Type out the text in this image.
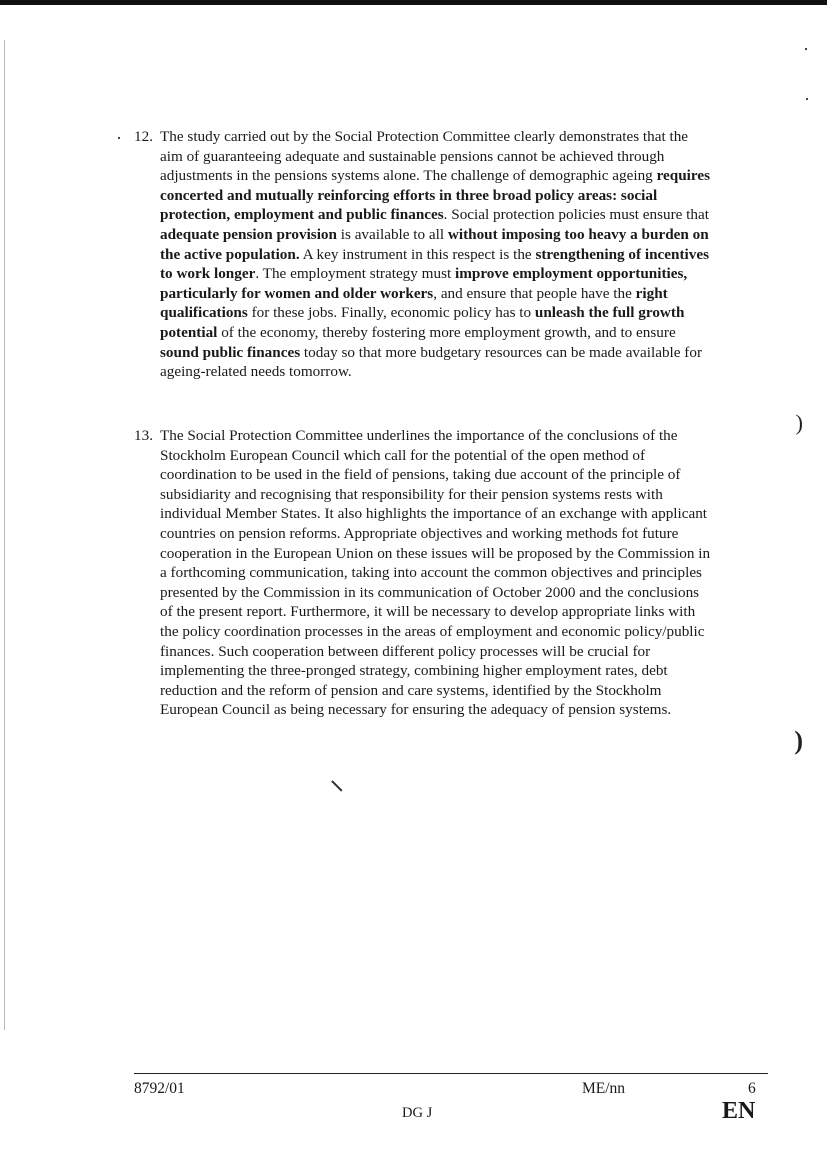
12. The study carried out by the Social Protection Committee clearly demonstrates that the aim of guaranteeing adequate and sustainable pensions cannot be achieved through adjustments in the pensions systems alone. The challenge of demographic ageing requires concerted and mutually reinforcing efforts in three broad policy areas: social protection, employment and public finances. Social protection policies must ensure that adequate pension provision is available to all without imposing too heavy a burden on the active population. A key instrument in this respect is the strengthening of incentives to work longer. The employment strategy must improve employment opportunities, particularly for women and older workers, and ensure that people have the right qualifications for these jobs. Finally, economic policy has to unleash the full growth potential of the economy, thereby fostering more employment growth, and to ensure sound public finances today so that more budgetary resources can be made available for ageing-related needs tomorrow.
13. The Social Protection Committee underlines the importance of the conclusions of the Stockholm European Council which call for the potential of the open method of coordination to be used in the field of pensions, taking due account of the principle of subsidiarity and recognising that responsibility for their pension systems rests with individual Member States. It also highlights the importance of an exchange with applicant countries on pension reforms. Appropriate objectives and working methods fot future cooperation in the European Union on these issues will be proposed by the Commission in a forthcoming communication, taking into account the common objectives and principles presented by the Commission in its communication of October 2000 and the conclusions of the present report. Furthermore, it will be necessary to develop appropriate links with the policy coordination processes in the areas of employment and economic policy/public finances. Such cooperation between different policy processes will be crucial for implementing the three-pronged strategy, combining higher employment rates, debt reduction and the reform of pension and care systems, identified by the Stockholm European Council as being necessary for ensuring the adequacy of pension systems.
)
)
8792/01	ME/nn	6
DG J	EN
